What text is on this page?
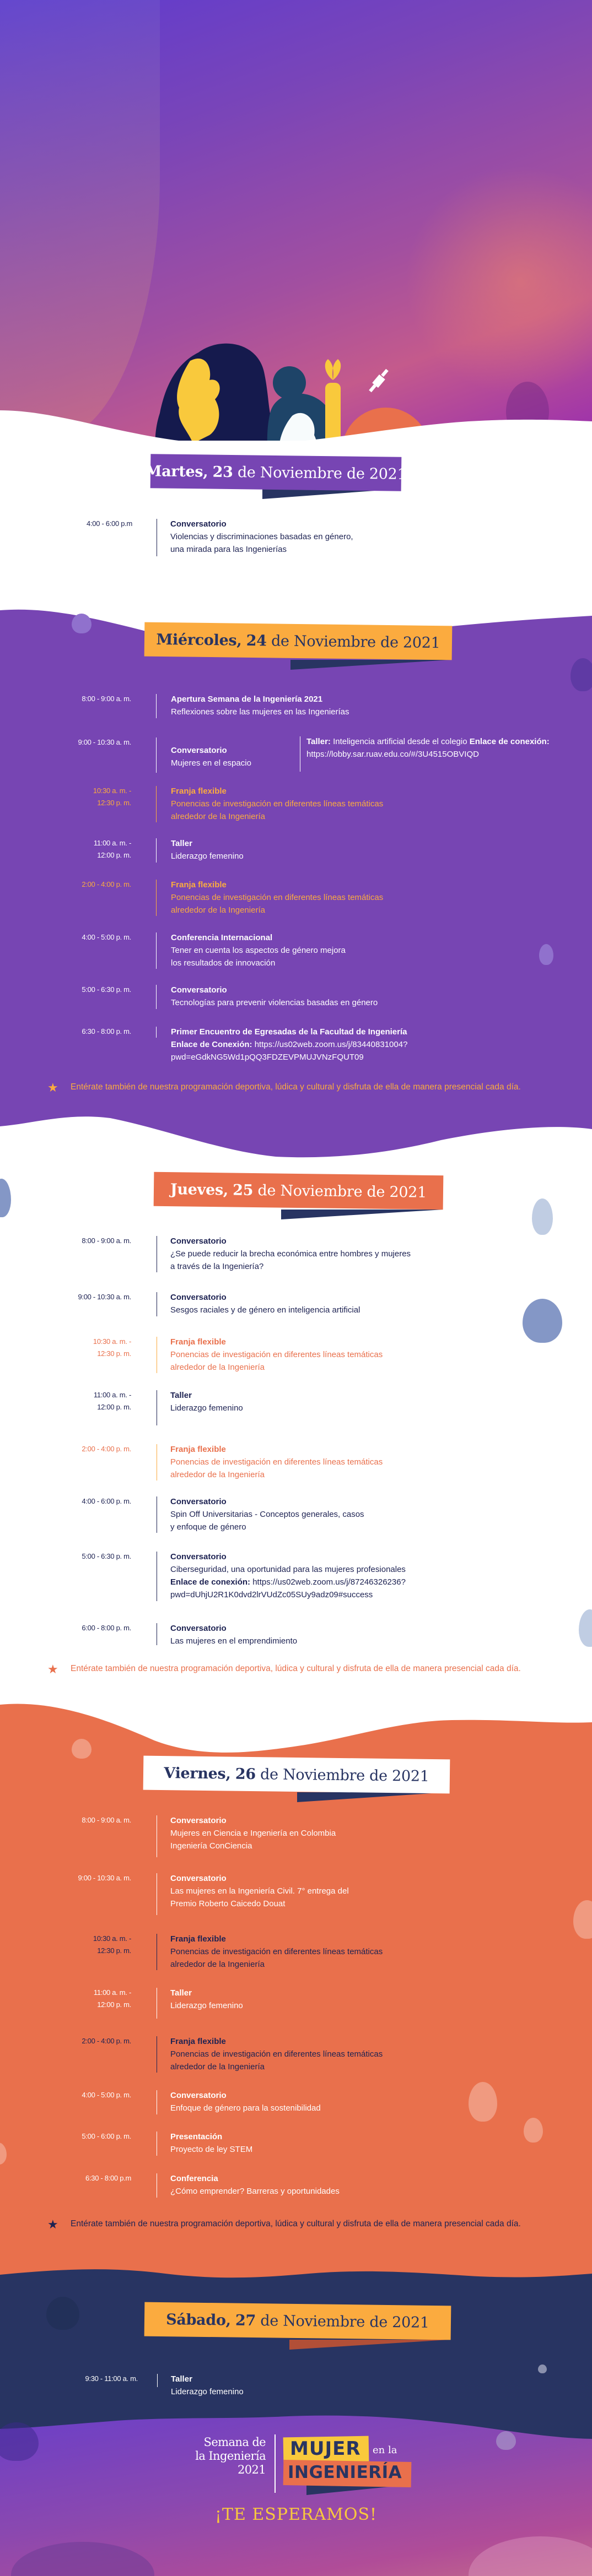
Martes,
23
de Noviembre de 2021
4:00 - 6:00 p.m	Conversatorio
Violencias y discriminaciones basadas en género,
una mirada para las Ingenierías
Miércoles,
24
de Noviembre de 2021
8:00 - 9:00 a. m.	Apertura Semana de la Ingeniería 2021
Reflexiones sobre las mujeres en las Ingenierías
9:00 - 10:30 a. m.
Conversatorio
Mujeres en el espacio
Taller: Inteligencia artificial desde el colegio Enlace de conexión: https://lobby.sar.ruav.edu.co/#/3U4515OBVIQD
10:30 a. m. -
12:30 p. m.
Franja flexible
Ponencias de investigación en diferentes líneas temáticas
alrededor de la Ingeniería
11:00 a. m. -
12:00 p. m.
Taller
Liderazgo femenino
2:00 - 4:00 p. m.	Franja flexible
Ponencias de investigación en diferentes líneas temáticas
alrededor de la Ingeniería
4:00 - 5:00 p. m.	Conferencia Internacional
Tener en cuenta los aspectos de género mejora
los resultados de innovación
5:00 - 6:30 p. m.	Conversatorio
Tecnologías para prevenir violencias basadas en género
6:30 - 8:00 p. m.	Primer Encuentro de Egresadas de la Facultad de Ingeniería
Enlace de Conexión: https://us02web.zoom.us/j/83440831004?
pwd=eGdkNG5Wd1pQQ3FDZEVPMUJVNzFQUT09
★ Entérate también de nuestra programación deportiva, lúdica y cultural y disfruta de ella de manera presencial cada día.
Jueves,
25
de Noviembre de 2021
8:00 - 9:00 a. m.	Conversatorio
¿Se puede reducir la brecha económica entre hombres y mujeres
a través de la Ingeniería?
9:00 - 10:30 a. m.	Conversatorio
Sesgos raciales y de género en inteligencia artificial
10:30 a. m. -
12:30 p. m.
Franja flexible
Ponencias de investigación en diferentes líneas temáticas
alrededor de la Ingeniería
11:00 a. m. -
12:00 p. m.
Taller
Liderazgo femenino
2:00 - 4:00 p. m.	Franja flexible
Ponencias de investigación en diferentes líneas temáticas
alrededor de la Ingeniería
4:00 - 6:00 p. m.	Conversatorio
Spin Off Universitarias - Conceptos generales, casos
y enfoque de género
5:00 - 6:30 p. m.	Conversatorio
Ciberseguridad, una oportunidad para las mujeres profesionales
Enlace de conexión: https://us02web.zoom.us/j/87246326236?
pwd=dUhjU2R1K0dvd2lrVUdZc05SUy9adz09#success
6:00 - 8:00 p. m.	Conversatorio
Las mujeres en el emprendimiento
★ Entérate también de nuestra programación deportiva, lúdica y cultural y disfruta de ella de manera presencial cada día.
Viernes,
26
de Noviembre de 2021
8:00 - 9:00 a. m.	Conversatorio
Mujeres en Ciencia e Ingeniería en Colombia
Ingeniería ConCiencia
9:00 - 10:30 a. m.	Conversatorio
Las mujeres en la Ingeniería Civil. 7° entrega del
Premio Roberto Caicedo Douat
10:30 a. m. -
12:30 p. m.
Franja flexible
Ponencias de investigación en diferentes líneas temáticas
alrededor de la Ingeniería
11:00 a. m. -
12:00 p. m.
Taller
Liderazgo femenino
2:00 - 4:00 p. m.	Franja flexible
Ponencias de investigación en diferentes líneas temáticas
alrededor de la Ingeniería
4:00 - 5:00 p. m.	Conversatorio
Enfoque de género para la sostenibilidad
5:00 - 6:00 p. m.	Presentación
Proyecto de ley STEM
6:30 - 8:00 p.m	Conferencia
¿Cómo emprender? Barreras y oportunidades
★ Entérate también de nuestra programación deportiva, lúdica y cultural y disfruta de ella de manera presencial cada día.
Sábado,
27
de Noviembre de 2021
9:30 - 11:00 a. m.	Taller
Liderazgo femenino
Semana de
la Ingeniería
2021
MUJER en la
INGENIERÍA
¡TE ESPERAMOS!
